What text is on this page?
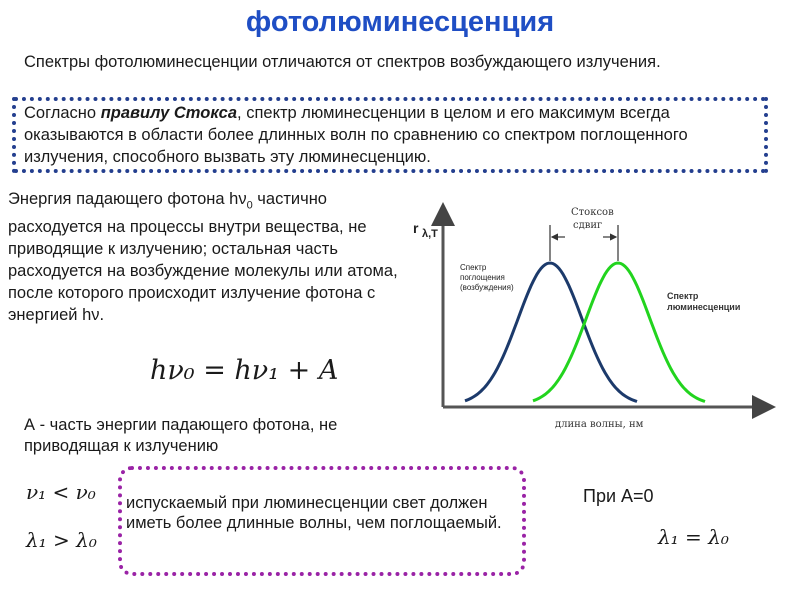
фотолюминесценция
Спектры фотолюминесценции отличаются от спектров возбуждающего излучения.
Согласно правилу Стокса, спектр люминесценции в целом и его максимум всегда оказываются в области более длинных волн по сравнению со спектром поглощенного излучения, способного вызвать эту люминесценцию.
Энергия падающего фотона $h\nu_0$ частично расходуется на процессы внутри вещества, не приводящие к излучению; остальная часть расходуется на возбуждение молекулы или атома, после которого происходит излучение фотона с энергией hν.
hν₀ = hν₁ + A
А - часть энергии падающего фотона, не приводящая к излучению
ν₁ < ν₀
λ₁ > λ₀
испускаемый при люминесценции свет должен иметь более длинные волны, чем поглощаемый.
При А=0
λ₁ = λ₀
r λ,T
длина волны, нм
Стоксов
сдвиг
Спектр
поглощения
(возбуждения)
Спектр
люминесценции
